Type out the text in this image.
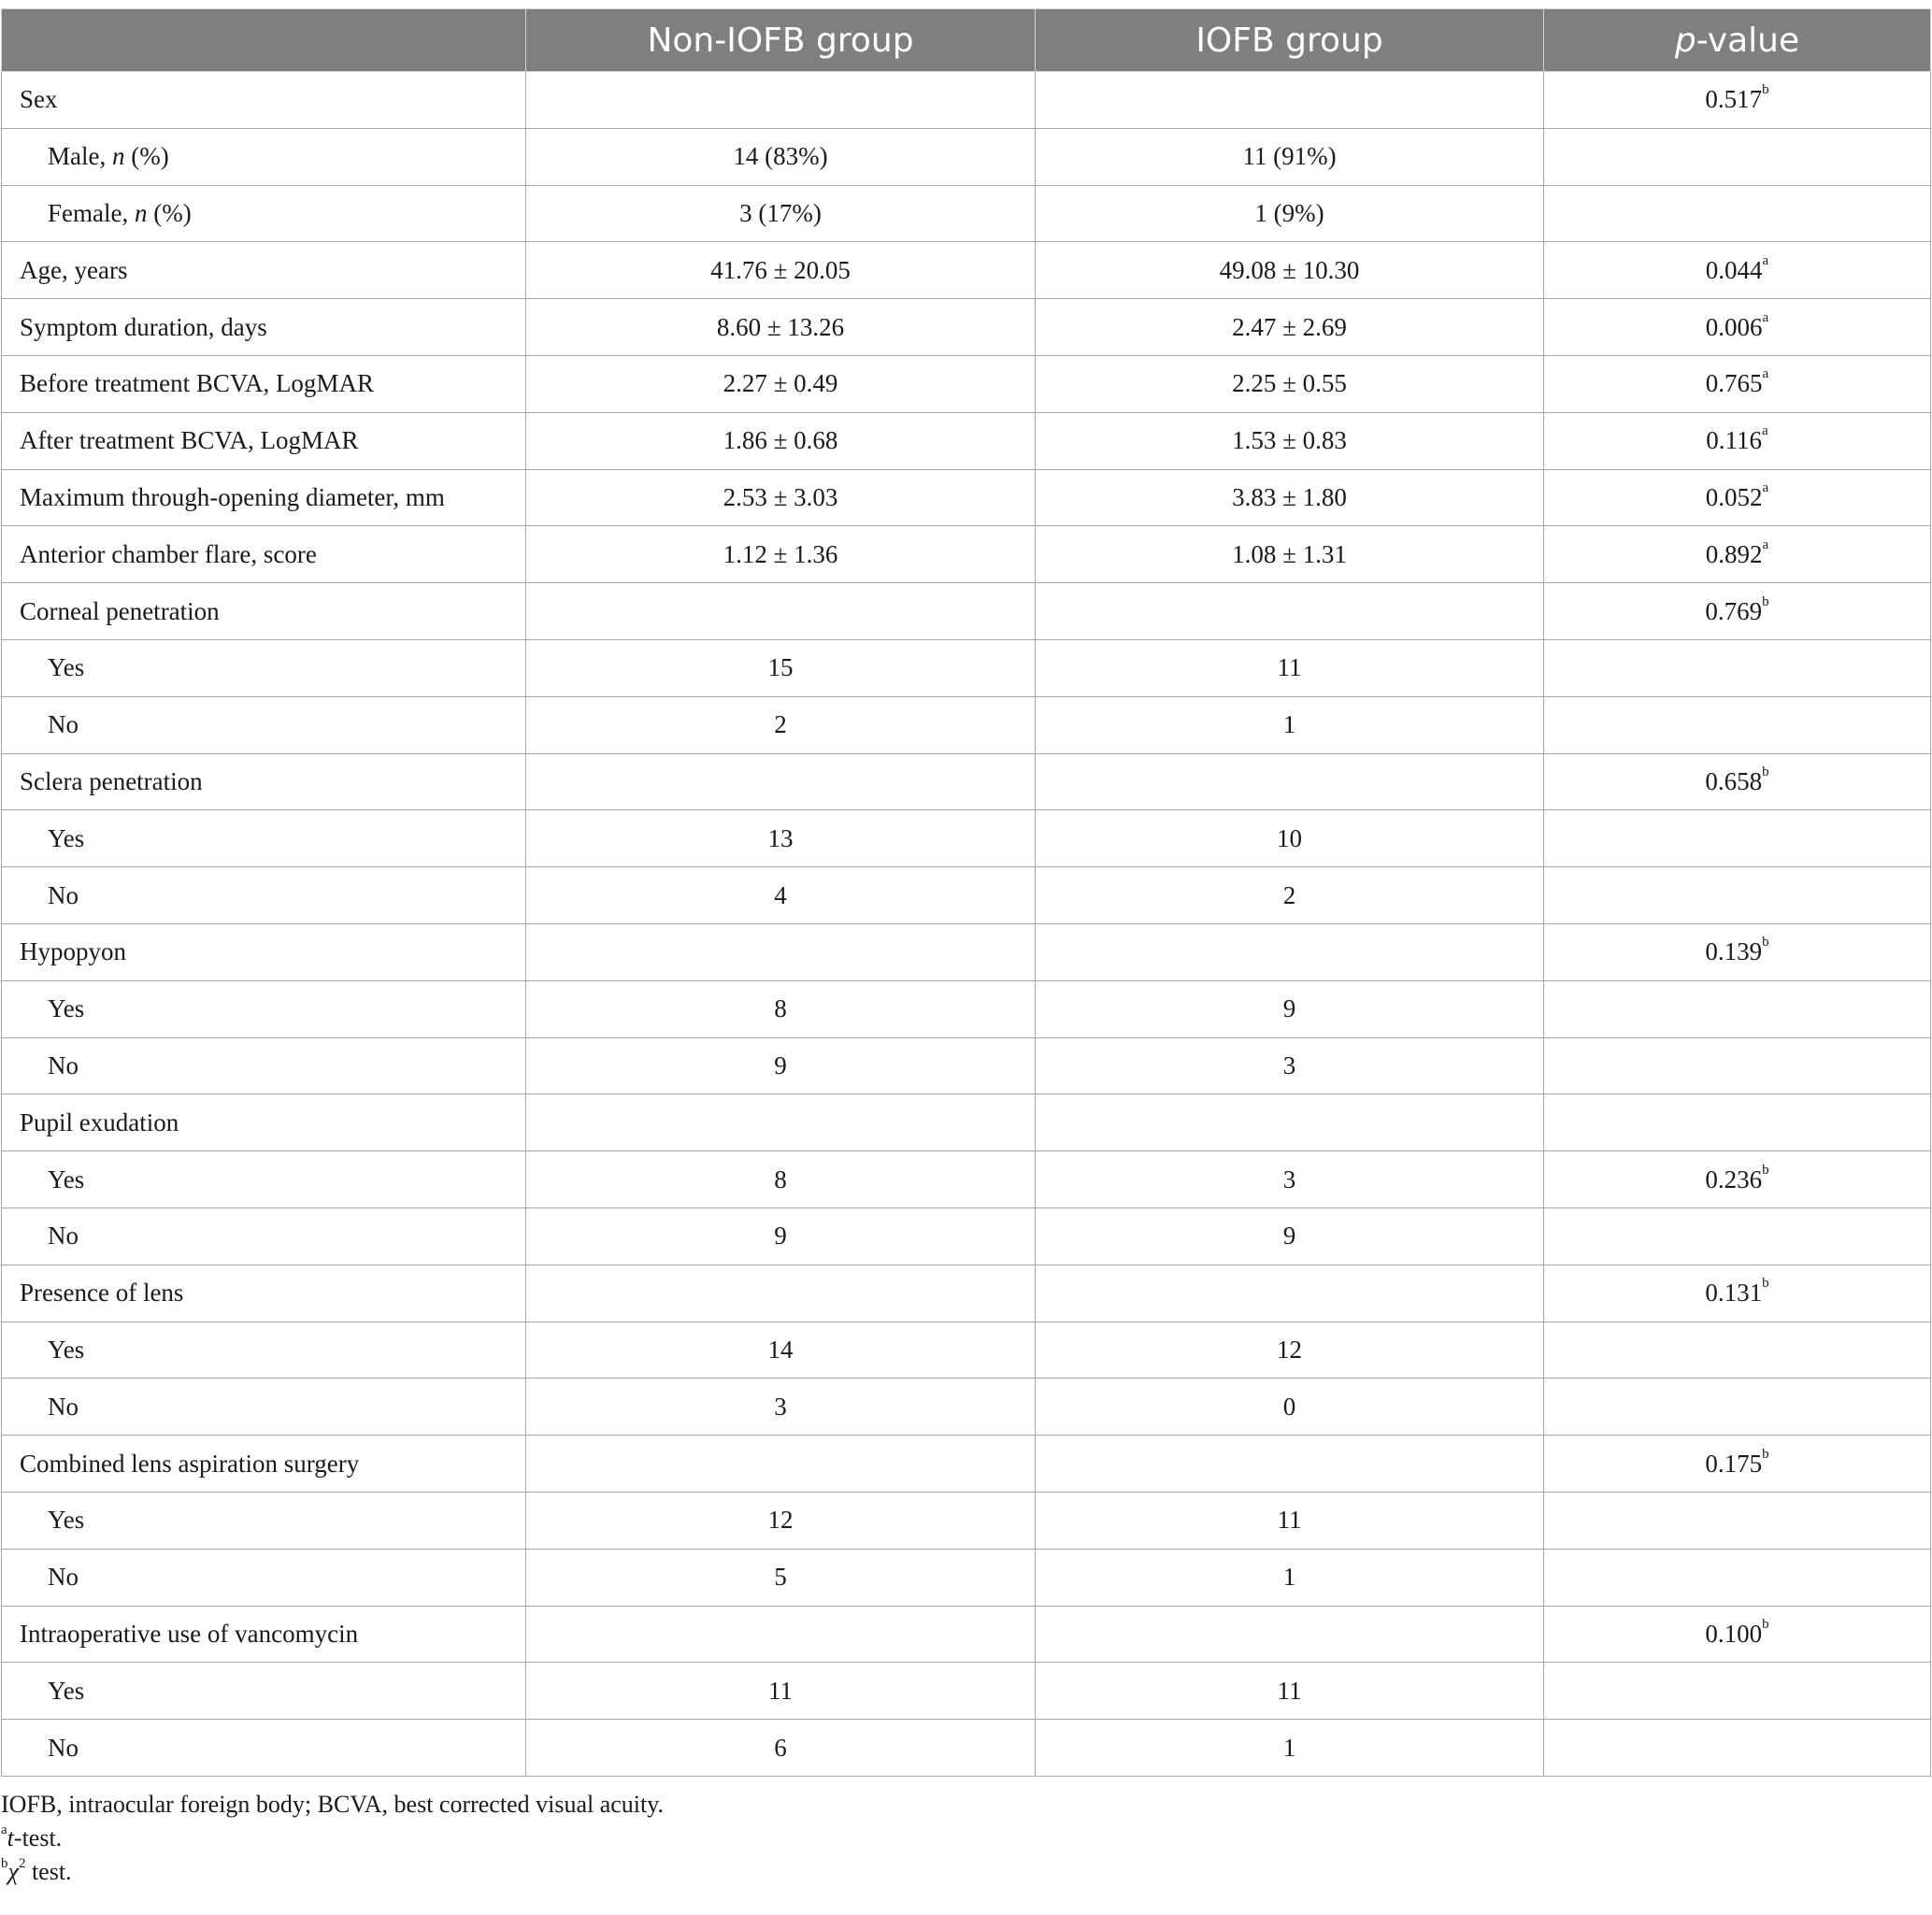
	Non-IOFB group	IOFB group	p-value
Sex			0.517$^b$
Male, n (%)	14 (83%)	11 (91%)	
Female, n (%)	3 (17%)	1 (9%)	
Age, years	41.76 ± 20.05	49.08 ± 10.30	0.044$^a$
Symptom duration, days	8.60 ± 13.26	2.47 ± 2.69	0.006$^a$
Before treatment BCVA, LogMAR	2.27 ± 0.49	2.25 ± 0.55	0.765$^a$
After treatment BCVA, LogMAR	1.86 ± 0.68	1.53 ± 0.83	0.116$^a$
Maximum through-opening diameter, mm	2.53 ± 3.03	3.83 ± 1.80	0.052$^a$
Anterior chamber flare, score	1.12 ± 1.36	1.08 ± 1.31	0.892$^a$
Corneal penetration			0.769$^b$
Yes	15	11	
No	2	1	
Sclera penetration			0.658$^b$
Yes	13	10	
No	4	2	
Hypopyon			0.139$^b$
Yes	8	9	
No	9	3	
Pupil exudation			
Yes	8	3	0.236$^b$
No	9	9	
Presence of lens			0.131$^b$
Yes	14	12	
No	3	0	
Combined lens aspiration surgery			0.175$^b$
Yes	12	11	
No	5	1	
Intraoperative use of vancomycin			0.100$^b$
Yes	11	11	
No	6	1	
IOFB, intraocular foreign body; BCVA, best corrected visual acuity.
$^a$t-test.
$^b\chi^2$ test.
